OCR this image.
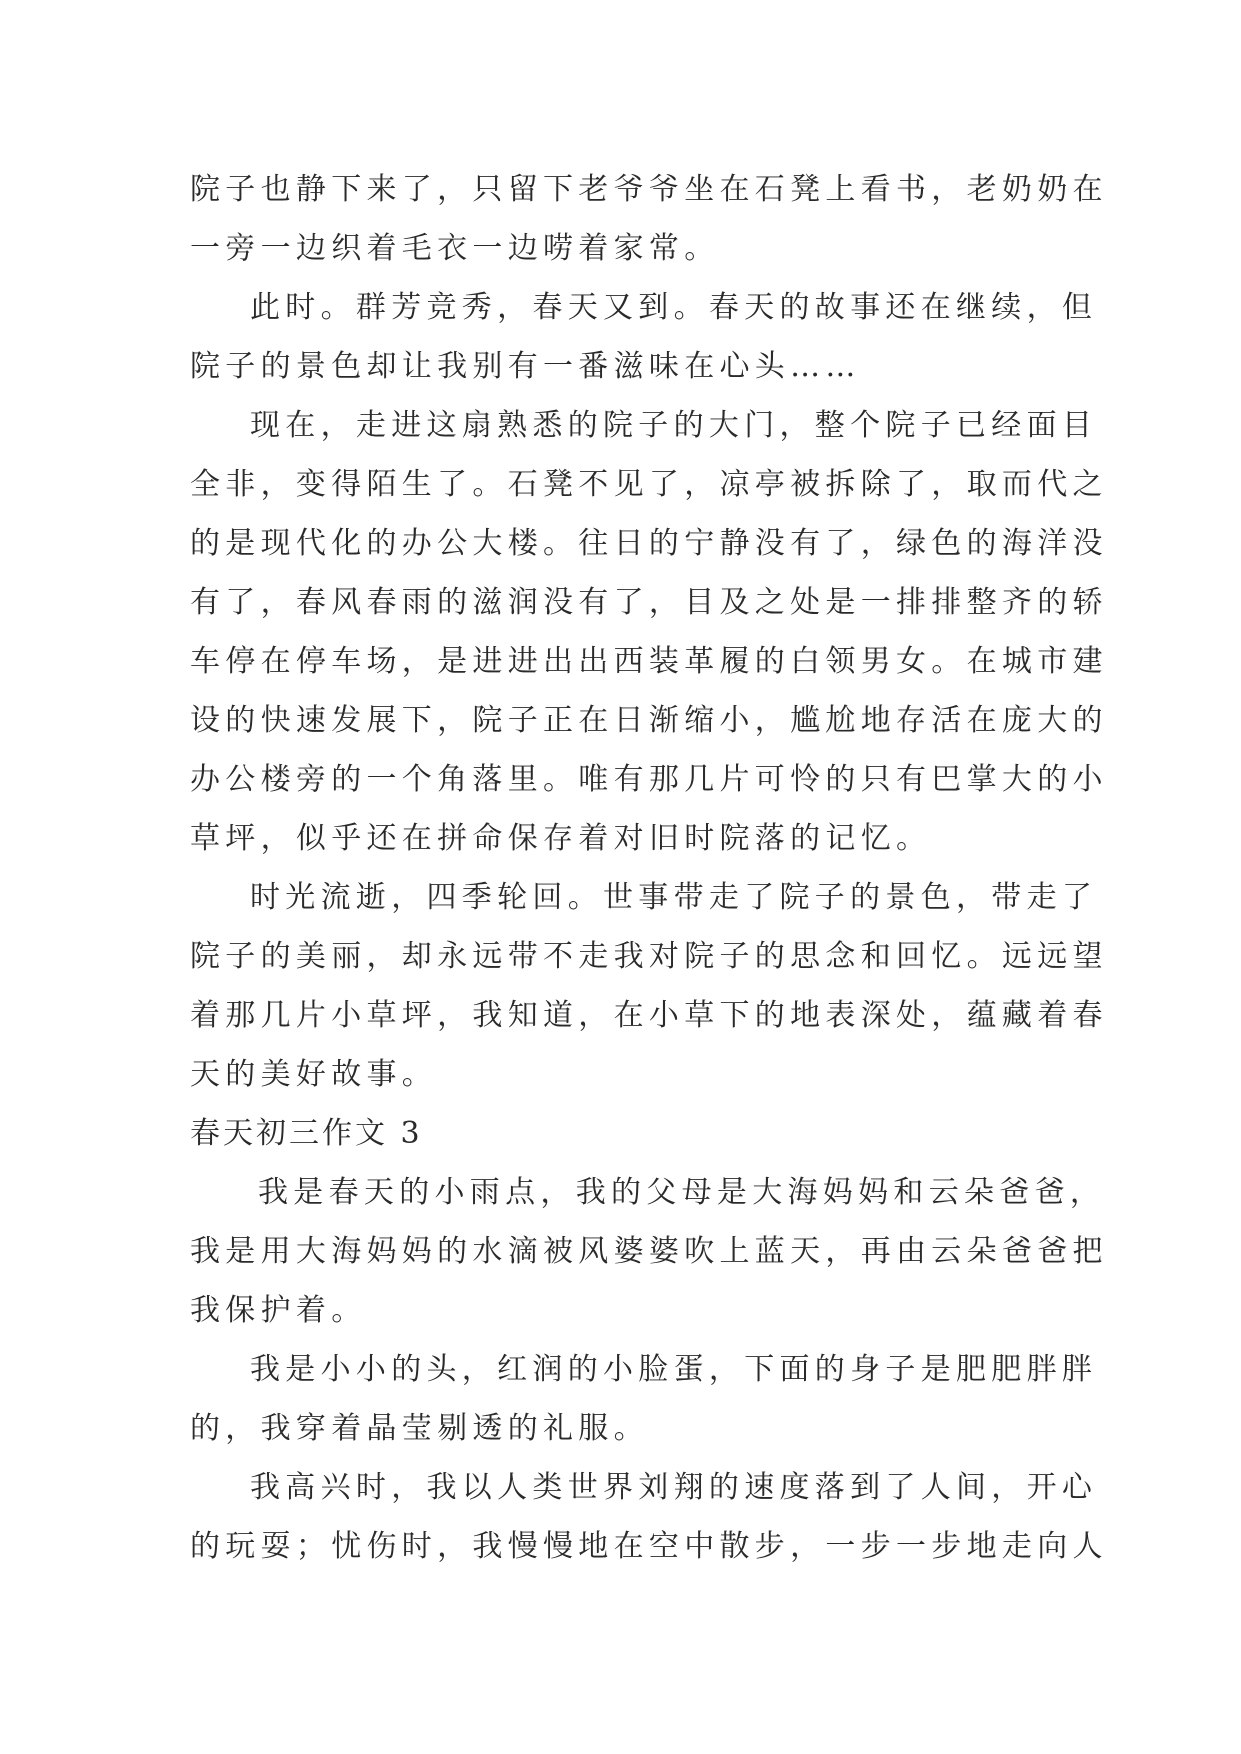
院子也静下来了，只留下老爷爷坐在石凳上看书，老奶奶在
一旁一边织着毛衣一边唠着家常。
此时。群芳竞秀，春天又到。春天的故事还在继续，但
院子的景色却让我别有一番滋味在心头……
现在，走进这扇熟悉的院子的大门，整个院子已经面目
全非，变得陌生了。石凳不见了，凉亭被拆除了，取而代之
的是现代化的办公大楼。往日的宁静没有了，绿色的海洋没
有了，春风春雨的滋润没有了，目及之处是一排排整齐的轿
车停在停车场，是进进出出西装革履的白领男女。在城市建
设的快速发展下，院子正在日渐缩小，尴尬地存活在庞大的
办公楼旁的一个角落里。唯有那几片可怜的只有巴掌大的小
草坪，似乎还在拼命保存着对旧时院落的记忆。
时光流逝，四季轮回。世事带走了院子的景色，带走了
院子的美丽，却永远带不走我对院子的思念和回忆。远远望
着那几片小草坪，我知道，在小草下的地表深处，蕴藏着春
天的美好故事。
春天初三作文 3
我是春天的小雨点，我的父母是大海妈妈和云朵爸爸，
我是用大海妈妈的水滴被风婆婆吹上蓝天，再由云朵爸爸把
我保护着。
我是小小的头，红润的小脸蛋，下面的身子是肥肥胖胖
的，我穿着晶莹剔透的礼服。
我高兴时，我以人类世界刘翔的速度落到了人间，开心
的玩耍；忧伤时，我慢慢地在空中散步，一步一步地走向人
